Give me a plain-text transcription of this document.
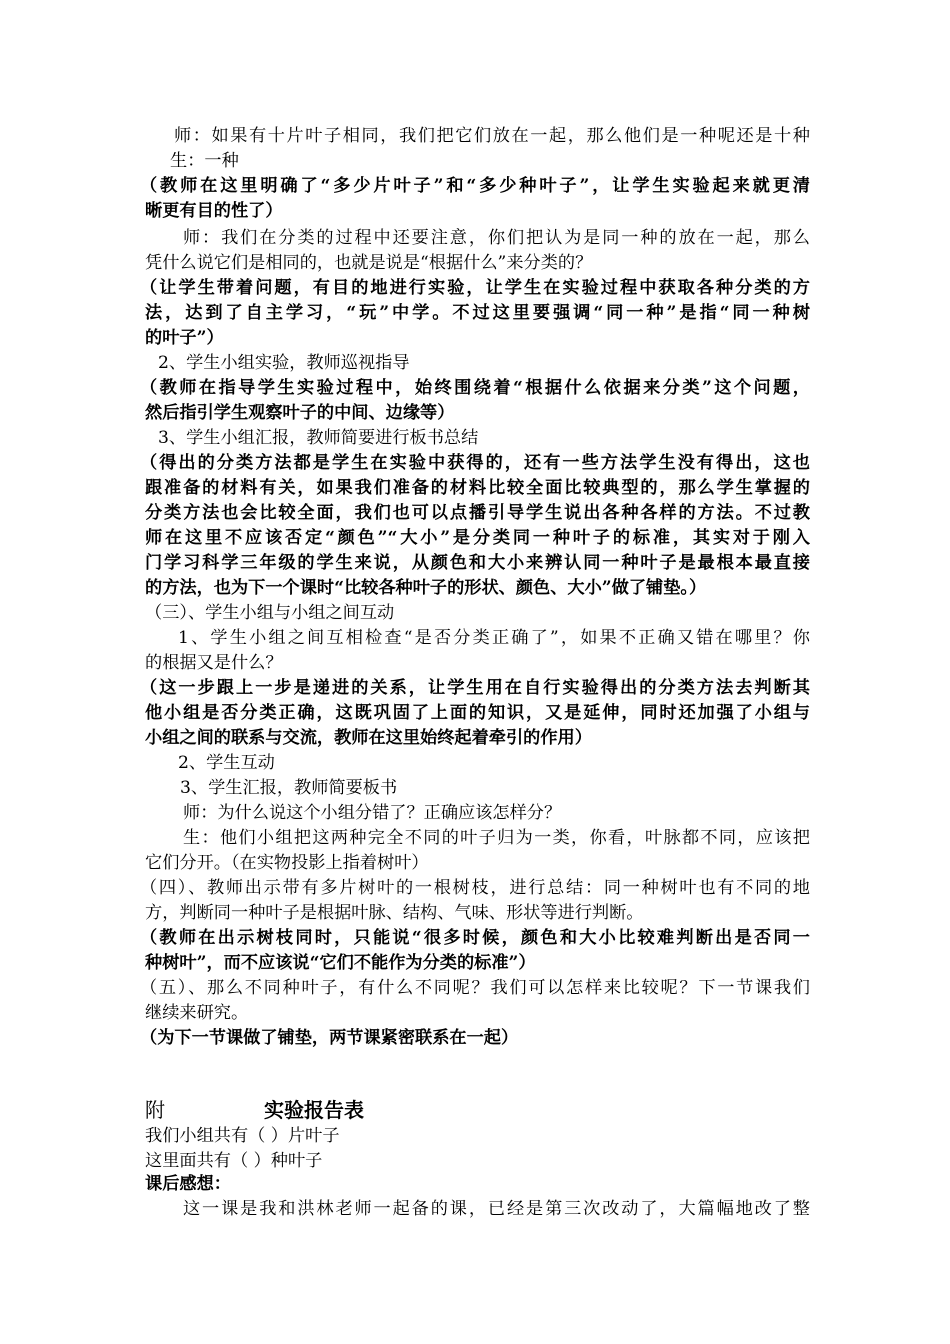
师：如果有十片叶子相同，我们把它们放在一起，那么他们是一种呢还是十种
生：一种
（教师在这里明确了“多少片叶子”和“多少种叶子”，让学生实验起来就更清
晰更有目的性了）
师：我们在分类的过程中还要注意，你们把认为是同一种的放在一起，那么
凭什么说它们是相同的，也就是说是“根据什么”来分类的？
（让学生带着问题，有目的地进行实验，让学生在实验过程中获取各种分类的方
法，达到了自主学习，“玩”中学。不过这里要强调“同一种”是指“同一种树
的叶子”）
2、学生小组实验，教师巡视指导
（教师在指导学生实验过程中，始终围绕着“根据什么依据来分类”这个问题，
然后指引学生观察叶子的中间、边缘等）
3、学生小组汇报，教师简要进行板书总结
（得出的分类方法都是学生在实验中获得的，还有一些方法学生没有得出，这也
跟准备的材料有关，如果我们准备的材料比较全面比较典型的，那么学生掌握的
分类方法也会比较全面，我们也可以点播引导学生说出各种各样的方法。不过教
师在这里不应该否定“颜色”“大小”是分类同一种叶子的标准，其实对于刚入
门学习科学三年级的学生来说，从颜色和大小来辨认同一种叶子是最根本最直接
的方法，也为下一个课时“比较各种叶子的形状、颜色、大小”做了铺垫。）
（三）、学生小组与小组之间互动
1、学生小组之间互相检查“是否分类正确了”，如果不正确又错在哪里？你
的根据又是什么？
（这一步跟上一步是递进的关系，让学生用在自行实验得出的分类方法去判断其
他小组是否分类正确，这既巩固了上面的知识，又是延伸，同时还加强了小组与
小组之间的联系与交流，教师在这里始终起着牵引的作用）
2、学生互动
3、学生汇报，教师简要板书
师：为什么说这个小组分错了？正确应该怎样分？
生：他们小组把这两种完全不同的叶子归为一类，你看，叶脉都不同，应该把
它们分开。（在实物投影上指着树叶）
（四）、教师出示带有多片树叶的一根树枝，进行总结：同一种树叶也有不同的地
方，判断同一种叶子是根据叶脉、结构、气味、形状等进行判断。
（教师在出示树枝同时，只能说“很多时候，颜色和大小比较难判断出是否同一
种树叶”，而不应该说“它们不能作为分类的标准”）
（五）、那么不同种叶子，有什么不同呢？我们可以怎样来比较呢？下一节课我们
继续来研究。
（为下一节课做了铺垫，两节课紧密联系在一起）
附	实验报告表
我们小组共有（ ）片叶子
这里面共有（ ）种叶子
课后感想：
这一课是我和洪林老师一起备的课，已经是第三次改动了，大篇幅地改了整
